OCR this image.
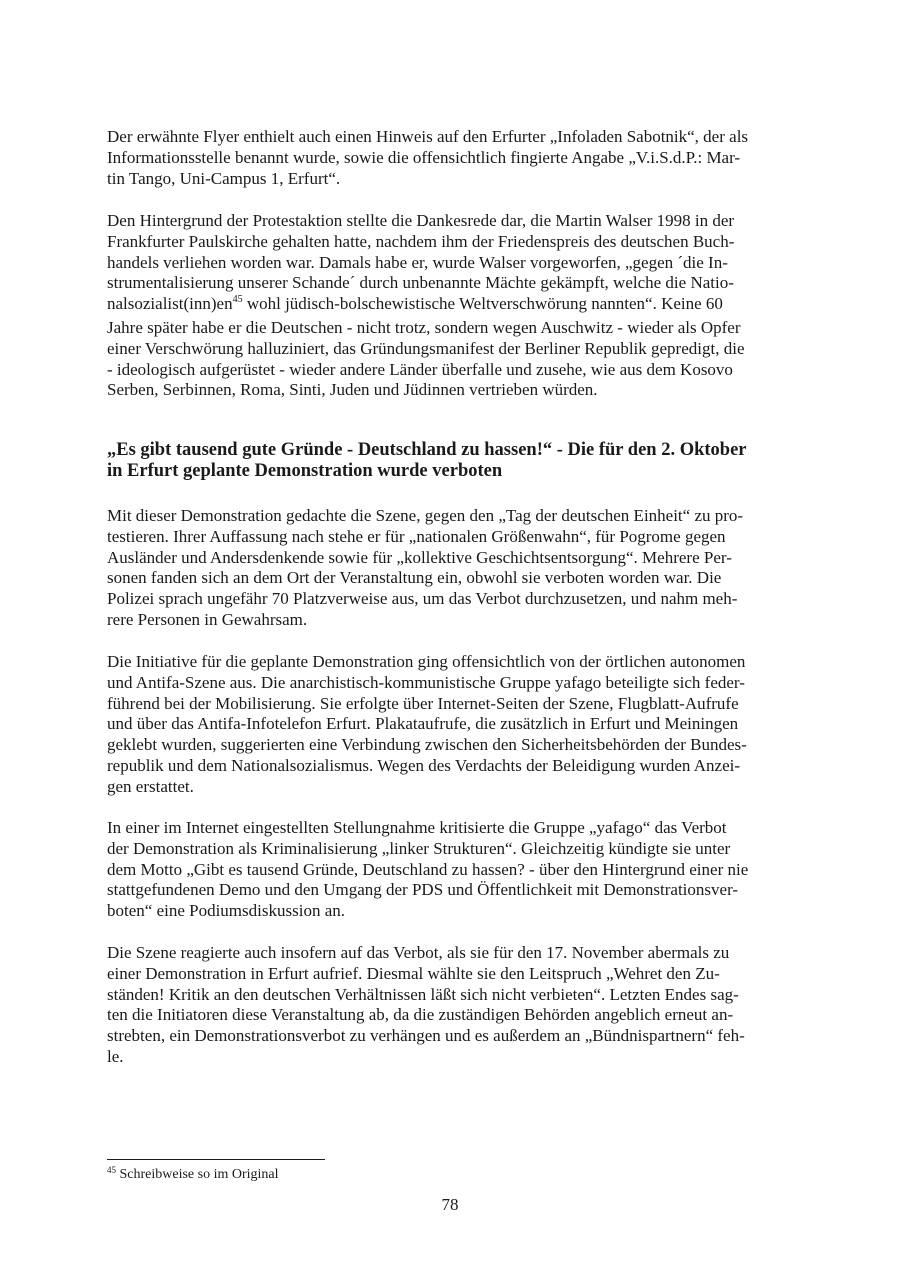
Der erwähnte Flyer enthielt auch einen Hinweis auf den Erfurter „Infoladen Sabotnik“, der als
Informationsstelle benannt wurde, sowie die offensichtlich fingierte Angabe „V.i.S.d.P.: Mar-
tin Tango, Uni-Campus 1, Erfurt“.

Den Hintergrund der Protestaktion stellte die Dankesrede dar, die Martin Walser 1998 in der
Frankfurter Paulskirche gehalten hatte, nachdem ihm der Friedenspreis des deutschen Buch-
handels verliehen worden war. Damals habe er, wurde Walser vorgeworfen, „gegen ´die In-
strumentalisierung unserer Schande´ durch unbenannte Mächte gekämpft, welche die Natio-
$nalsozialist(inn)en^{45}$ wohl jüdisch-bolschewistische Weltverschwörung nannten“. Keine 60
Jahre später habe er die Deutschen - nicht trotz, sondern wegen Auschwitz - wieder als Opfer
einer Verschwörung halluziniert, das Gründungsmanifest der Berliner Republik gepredigt, die
- ideologisch aufgerüstet - wieder andere Länder überfalle und zusehe, wie aus dem Kosovo
Serben, Serbinnen, Roma, Sinti, Juden und Jüdinnen vertrieben würden.

„Es gibt tausend gute Gründe - Deutschland zu hassen!“ - Die für den 2. Oktober
in Erfurt geplante Demonstration wurde verboten

Mit dieser Demonstration gedachte die Szene, gegen den „Tag der deutschen Einheit“ zu pro-
testieren. Ihrer Auffassung nach stehe er für „nationalen Größenwahn“, für Pogrome gegen
Ausländer und Andersdenkende sowie für „kollektive Geschichtsentsorgung“. Mehrere Per-
sonen fanden sich an dem Ort der Veranstaltung ein, obwohl sie verboten worden war. Die
Polizei sprach ungefähr 70 Platzverweise aus, um das Verbot durchzusetzen, und nahm meh-
rere Personen in Gewahrsam.

Die Initiative für die geplante Demonstration ging offensichtlich von der örtlichen autonomen
und Antifa-Szene aus. Die anarchistisch-kommunistische Gruppe yafago beteiligte sich feder-
führend bei der Mobilisierung. Sie erfolgte über Internet-Seiten der Szene, Flugblatt-Aufrufe
und über das Antifa-Infotelefon Erfurt. Plakataufrufe, die zusätzlich in Erfurt und Meiningen
geklebt wurden, suggerierten eine Verbindung zwischen den Sicherheitsbehörden der Bundes-
republik und dem Nationalsozialismus. Wegen des Verdachts der Beleidigung wurden Anzei-
gen erstattet.

In einer im Internet eingestellten Stellungnahme kritisierte die Gruppe „yafago“ das Verbot
der Demonstration als Kriminalisierung „linker Strukturen“. Gleichzeitig kündigte sie unter
dem Motto „Gibt es tausend Gründe, Deutschland zu hassen? - über den Hintergrund einer nie
stattgefundenen Demo und den Umgang der PDS und Öffentlichkeit mit Demonstrationsver-
boten“ eine Podiumsdiskussion an.

Die Szene reagierte auch insofern auf das Verbot, als sie für den 17. November abermals zu
einer Demonstration in Erfurt aufrief. Diesmal wählte sie den Leitspruch „Wehret den Zu-
ständen! Kritik an den deutschen Verhältnissen läßt sich nicht verbieten“. Letzten Endes sag-
ten die Initiatoren diese Veranstaltung ab, da die zuständigen Behörden angeblich erneut an-
strebten, ein Demonstrationsverbot zu verhängen und es außerdem an „Bündnispartnern“ feh-
le.

$^{45}$ Schreibweise so im Original
78
